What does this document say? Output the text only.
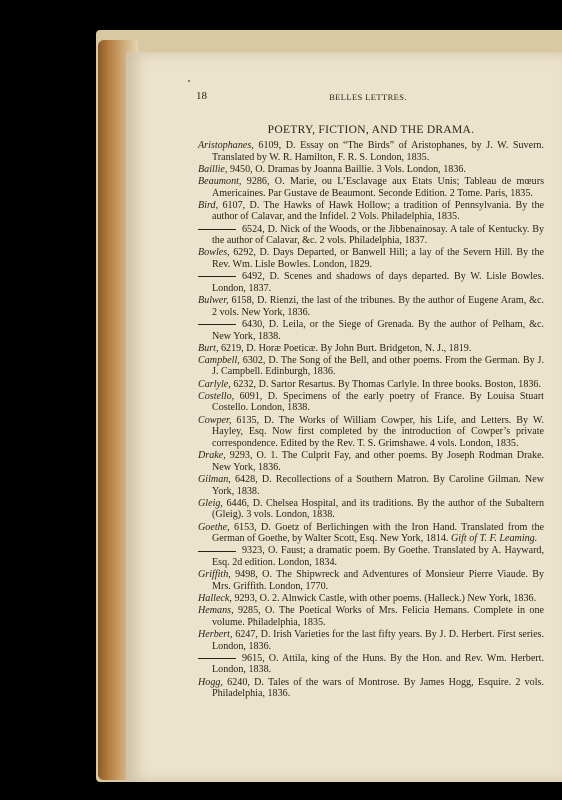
18	BELLES LETTRES.
POETRY, FICTION, AND THE DRAMA.
Aristophanes, 6109, D. Essay on “The Birds” of Aristophanes, by J. W. Suvern. Translated by W. R. Hamilton, F. R. S. London, 1835.
Baillie, 9450, O. Dramas by Joanna Baillie. 3 Vols. London, 1836.
Beaumont, 9286, O. Marie, ou L’Esclavage aux Etats Unis; Tableau de mœurs Americaines. Par Gustave de Beaumont. Seconde Edition. 2 Tome. Paris, 1835.
Bird, 6107, D. The Hawks of Hawk Hollow; a tradition of Pennsylvania. By the author of Calavar, and the Infidel. 2 Vols. Philadelphia, 1835.
6524, D. Nick of the Woods, or the Jibbenainosay. A tale of Kentucky. By the author of Calavar, &c. 2 vols. Philadelphia, 1837.
Bowles, 6292, D. Days Departed, or Banwell Hill; a lay of the Severn Hill. By the Rev. Wm. Lisle Bowles. London, 1829.
6492, D. Scenes and shadows of days departed. By W. Lisle Bowles. London, 1837.
Bulwer, 6158, D. Rienzi, the last of the tribunes. By the author of Eugene Aram, &c. 2 vols. New York, 1836.
6430, D. Leila, or the Siege of Grenada. By the author of Pelham, &c. New York, 1838.
Burt, 6219, D. Horæ Poeticæ. By John Burt. Bridgeton, N. J., 1819.
Campbell, 6302, D. The Song of the Bell, and other poems. From the German. By J. J. Campbell. Edinburgh, 1836.
Carlyle, 6232, D. Sartor Resartus. By Thomas Carlyle. In three books. Boston, 1836.
Costello, 6091, D. Specimens of the early poetry of France. By Louisa Stuart Costello. London, 1838.
Cowper, 6135, D. The Works of William Cowper, his Life, and Letters. By W. Hayley, Esq. Now first completed by the introduction of Cowper’s private correspondence. Edited by the Rev. T. S. Grimshawe. 4 vols. London, 1835.
Drake, 9293, O. 1. The Culprit Fay, and other poems. By Joseph Rodman Drake. New York, 1836.
Gilman, 6428, D. Recollections of a Southern Matron. By Caroline Gilman. New York, 1838.
Gleig, 6446, D. Chelsea Hospital, and its traditions. By the author of the Subaltern (Gleig). 3 vols. London, 1838.
Goethe, 6153, D. Goetz of Berlichingen with the Iron Hand. Translated from the German of Goethe, by Walter Scott, Esq. New York, 1814. Gift of T. F. Leaming.
9323, O. Faust; a dramatic poem. By Goethe. Translated by A. Hayward, Esq. 2d edition. London, 1834.
Griffith, 9498, O. The Shipwreck and Adventures of Monsieur Pierre Viaude. By Mrs. Griffith. London, 1770.
Halleck, 9293, O. 2. Alnwick Castle, with other poems. (Halleck.) New York, 1836.
Hemans, 9285, O. The Poetical Works of Mrs. Felicia Hemans. Complete in one volume. Philadelphia, 1835.
Herbert, 6247, D. Irish Varieties for the last fifty years. By J. D. Herbert. First series. London, 1836.
9615, O. Attila, king of the Huns. By the Hon. and Rev. Wm. Herbert. London, 1838.
Hogg, 6240, D. Tales of the wars of Montrose. By James Hogg, Esquire. 2 vols. Philadelphia, 1836.
